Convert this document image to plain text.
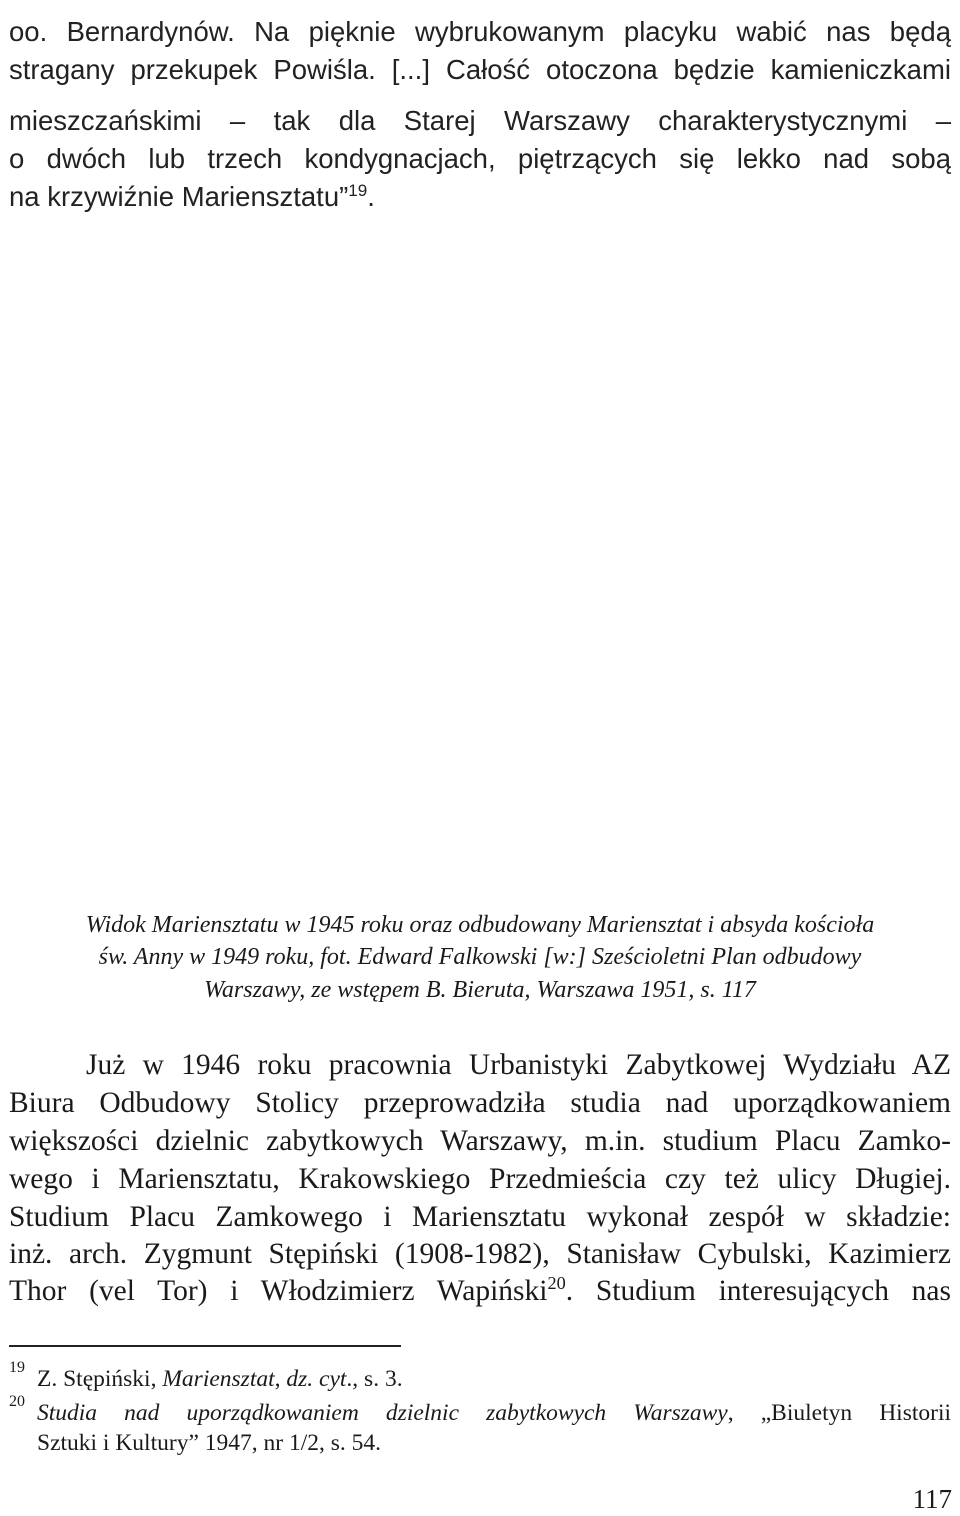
oo. Bernardynów. Na pięknie wybrukowanym placyku wabić nas będą
stragany przekupek Powiśla. [...] Całość otoczona będzie kamieniczkami
mieszczańskimi – tak dla Starej Warszawy charakterystycznymi –
o dwóch lub trzech kondygnacjach, piętrzących się lekko nad sobą
na krzywiźnie Mariensztatu”$^{19}$.
Widok Mariensztatu w 1945 roku oraz odbudowany Mariensztat i absyda kościoła
św. Anny w 1949 roku, fot. Edward Falkowski [w:] Sześcioletni Plan odbudowy
Warszawy, ze wstępem B. Bieruta, Warszawa 1951, s. 117
Już w 1946 roku pracownia Urbanistyki Zabytkowej Wydziału AZ
Biura Odbudowy Stolicy przeprowadziła studia nad uporządkowaniem
większości dzielnic zabytkowych Warszawy, m.in. studium Placu Zamko-
wego i Mariensztatu, Krakowskiego Przedmieścia czy też ulicy Długiej.
Studium Placu Zamkowego i Mariensztatu wykonał zespół w składzie:
inż. arch. Zygmunt Stępiński (1908-1982), Stanisław Cybulski, Kazimierz
Thor (vel Tor) i Włodzimierz Wapiński$^{20}$. Studium interesujących nas
19 Z. Stępiński, Mariensztat, dz. cyt., s. 3.
20 Studia nad uporządkowaniem dzielnic zabytkowych Warszawy, „Biuletyn Historii
Sztuki i Kultury” 1947, nr 1/2, s. 54.
117
